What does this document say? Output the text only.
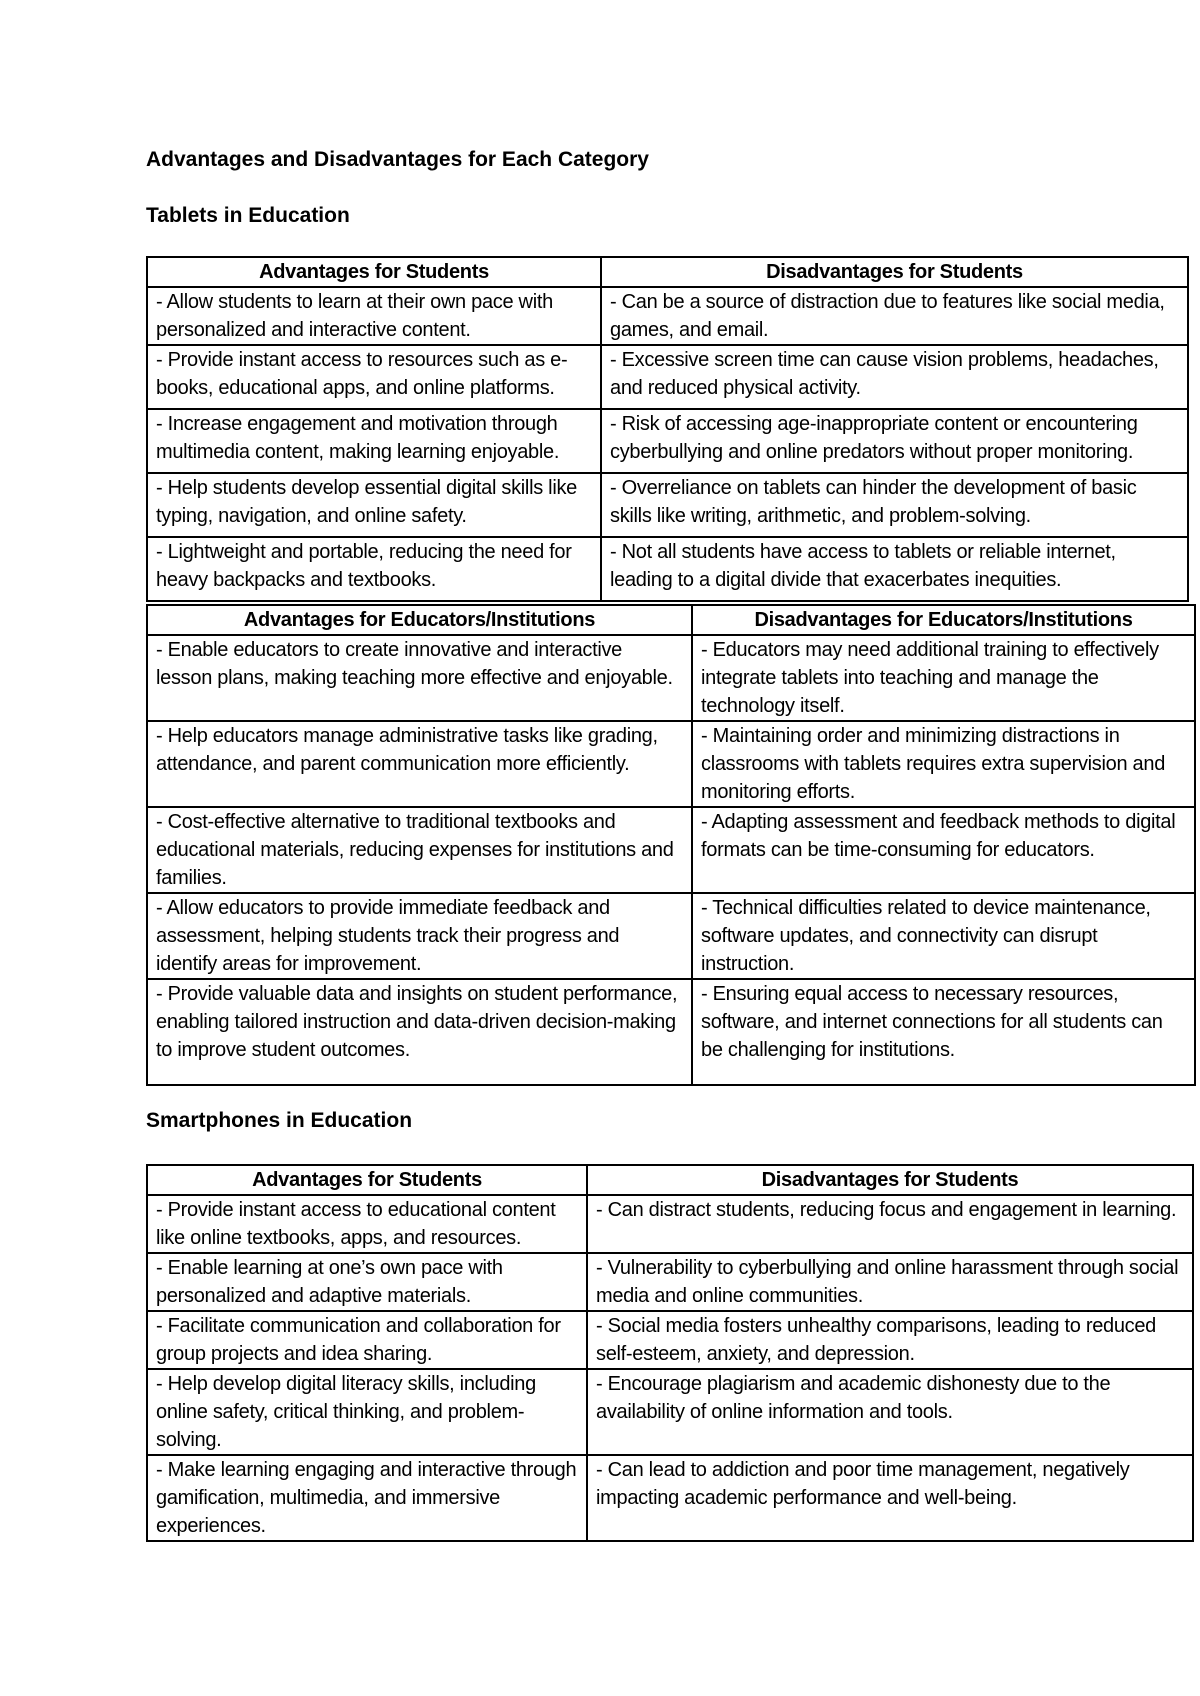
Advantages and Disadvantages for Each Category
Tablets in Education
Advantages for Students	Disadvantages for Students
- Allow students to learn at their own pace with personalized and interactive content.	- Can be a source of distraction due to features like social media, games, and email.
- Provide instant access to resources such as e-books, educational apps, and online platforms.	- Excessive screen time can cause vision problems, headaches, and reduced physical activity.
- Increase engagement and motivation through multimedia content, making learning enjoyable.	- Risk of accessing age-inappropriate content or encountering cyberbullying and online predators without proper monitoring.
- Help students develop essential digital skills like typing, navigation, and online safety.	- Overreliance on tablets can hinder the development of basic skills like writing, arithmetic, and problem-solving.
- Lightweight and portable, reducing the need for heavy backpacks and textbooks.	- Not all students have access to tablets or reliable internet, leading to a digital divide that exacerbates inequities.
Advantages for Educators/Institutions	Disadvantages for Educators/Institutions
- Enable educators to create innovative and interactive lesson plans, making teaching more effective and enjoyable.	- Educators may need additional training to effectively integrate tablets into teaching and manage the technology itself.
- Help educators manage administrative tasks like grading, attendance, and parent communication more efficiently.	- Maintaining order and minimizing distractions in classrooms with tablets requires extra supervision and monitoring efforts.
- Cost-effective alternative to traditional textbooks and educational materials, reducing expenses for institutions and families.	- Adapting assessment and feedback methods to digital formats can be time-consuming for educators.
- Allow educators to provide immediate feedback and assessment, helping students track their progress and identify areas for improvement.	- Technical difficulties related to device maintenance, software updates, and connectivity can disrupt instruction.
- Provide valuable data and insights on student performance, enabling tailored instruction and data-driven decision-making to improve student outcomes.	- Ensuring equal access to necessary resources, software, and internet connections for all students can be challenging for institutions.
Smartphones in Education
Advantages for Students	Disadvantages for Students
- Provide instant access to educational content like online textbooks, apps, and resources.	- Can distract students, reducing focus and engagement in learning.
- Enable learning at one’s own pace with personalized and adaptive materials.	- Vulnerability to cyberbullying and online harassment through social media and online communities.
- Facilitate communication and collaboration for group projects and idea sharing.	- Social media fosters unhealthy comparisons, leading to reduced self-esteem, anxiety, and depression.
- Help develop digital literacy skills, including online safety, critical thinking, and problem-solving.	- Encourage plagiarism and academic dishonesty due to the availability of online information and tools.
- Make learning engaging and interactive through gamification, multimedia, and immersive experiences.	- Can lead to addiction and poor time management, negatively impacting academic performance and well-being.
